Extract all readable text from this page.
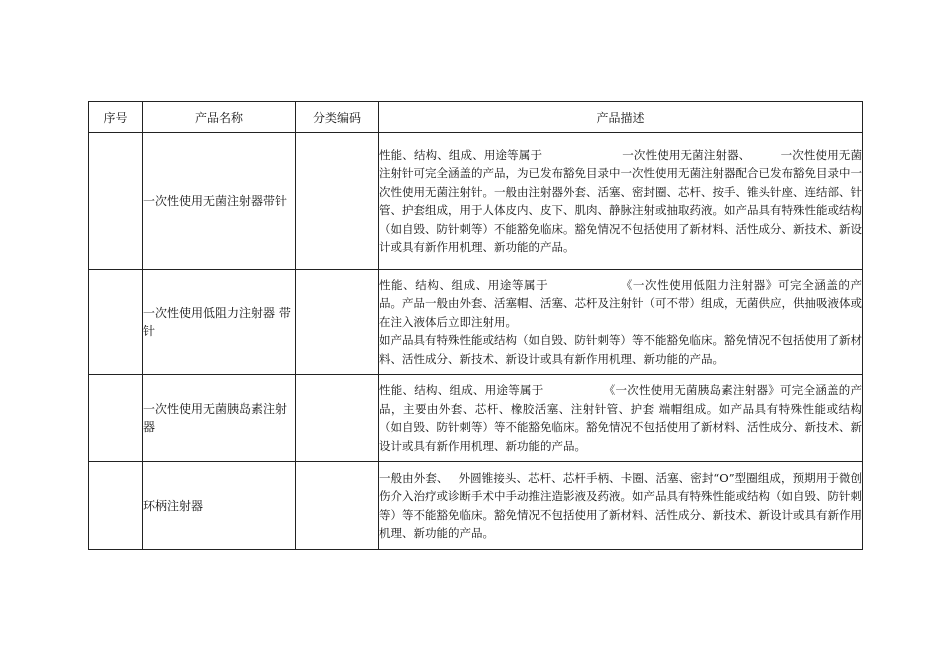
序号	产品名称	分类编码	产品描述
	一次性使用无菌注射器带针		性能、结构、组成、用途等属于 一次性使用无菌注射器、 一次性使用无菌注射针可完全涵盖的产品，为已发布豁免目录中一次性使用无菌注射器配合已发布豁免目录中一次性使用无菌注射针。一般由注射器外套、活塞、密封圈、芯杆、按手、锥头针座、连结部、针管、护套组成，用于人体皮内、皮下、肌肉、静脉注射或抽取药液。如产品具有特殊性能或结构（如自毁、防针刺等）不能豁免临床。豁免情况不包括使用了新材料、活性成分、新技术、新设计或具有新作用机理、新功能的产品。
	一次性使用低阻力注射器 带针		性能、结构、组成、用途等属于 《一次性使用低阻力注射器》可完全涵盖的产品。产品一般由外套、活塞帽、活塞、芯杆及注射针（可不带）组成，无菌供应，供抽吸液体或在注入液体后立即注射用。
如产品具有特殊性能或结构（如自毁、防针刺等）等不能豁免临床。豁免情况不包括使用了新材料、活性成分、新技术、新设计或具有新作用机理、新功能的产品。

	一次性使用无菌胰岛素注射器		性能、结构、组成、用途等属于 《一次性使用无菌胰岛素注射器》可完全涵盖的产品，主要由外套、芯杆、橡胶活塞、注射针管、护套 端帽组成。如产品具有特殊性能或结构（如自毁、防针刺等）等不能豁免临床。豁免情况不包括使用了新材料、活性成分、新技术、新设计或具有新作用机理、新功能的产品。
	环柄注射器		一般由外套、 外圆锥接头、芯杆、芯杆手柄、卡圈、活塞、密封“O”型圈组成，预期用于微创伤介入治疗或诊断手术中手动推注造影液及药液。如产品具有特殊性能或结构（如自毁、防针刺等）等不能豁免临床。豁免情况不包括使用了新材料、活性成分、新技术、新设计或具有新作用机理、新功能的产品。
